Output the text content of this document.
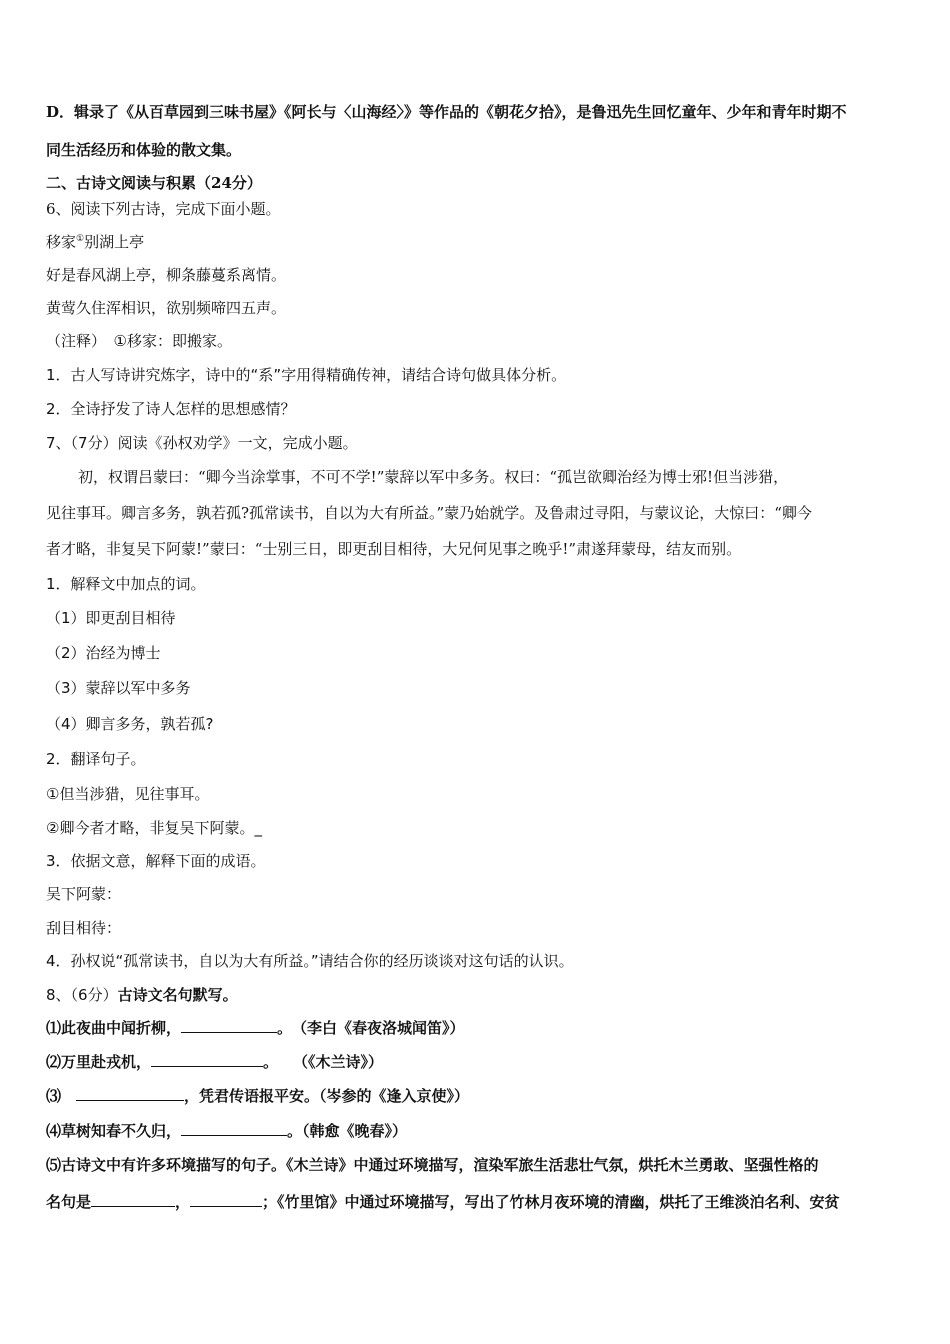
D．辑录了《从百草园到三味书屋》《阿长与〈山海经〉》等作品的《朝花夕拾》，是鲁迅先生回忆童年、少年和青年时期不
同生活经历和体验的散文集。
二、古诗文阅读与积累（24分）
6、阅读下列古诗，完成下面小题。
移家①别湖上亭
好是春风湖上亭，柳条藤蔓系离情。
黄莺久住浑相识，欲别频啼四五声。
（注释）　①移家：即搬家。
1．古人写诗讲究炼字，诗中的“系”字用得精确传神，请结合诗句做具体分析。
2．全诗抒发了诗人怎样的思想感情？
7、（7分）阅读《孙权劝学》一文，完成小题。
初，权谓吕蒙曰：“卿今当涂掌事，不可不学!”蒙辞以军中多务。权曰：“孤岂欲卿治经为博士邪!但当涉猎，
见往事耳。卿言多务，孰若孤?孤常读书，自以为大有所益。”蒙乃始就学。及鲁肃过寻阳，与蒙议论，大惊曰：“卿今
者才略，非复吴下阿蒙!”蒙曰：“士别三日，即更刮目相待，大兄何见事之晚乎!”肃遂拜蒙母，结友而别。
1．解释文中加点的词。
（1）即更刮目相待
（2）治经为博士
（3）蒙辞以军中多务
（4）卿言多务，孰若孤?
2．翻译句子。
①但当涉猎，见往事耳。
②卿今者才略，非复吴下阿蒙。_
3．依据文意，解释下面的成语。
吴下阿蒙：
刮目相待：
4．孙权说“孤常读书，自以为大有所益。”请结合你的经历谈谈对这句话的认识。
8、（6分）古诗文名句默写。
⑴此夜曲中闻折柳，	。　（李白《春夜洛城闻笛》）
⑵万里赴戎机，	。　　（《木兰诗》）
⑶　	，凭君传语报平安。（岑参的《逢入京使》）
⑷草树知春不久归，	。（韩愈《晚春》）
⑸古诗文中有许多环境描写的句子。《木兰诗》中通过环境描写，渲染军旅生活悲壮气氛，烘托木兰勇敢、坚强性格的
名句是	，	；《竹里馆》中通过环境描写，写出了竹林月夜环境的清幽，烘托了王维淡泊名利、安贫
